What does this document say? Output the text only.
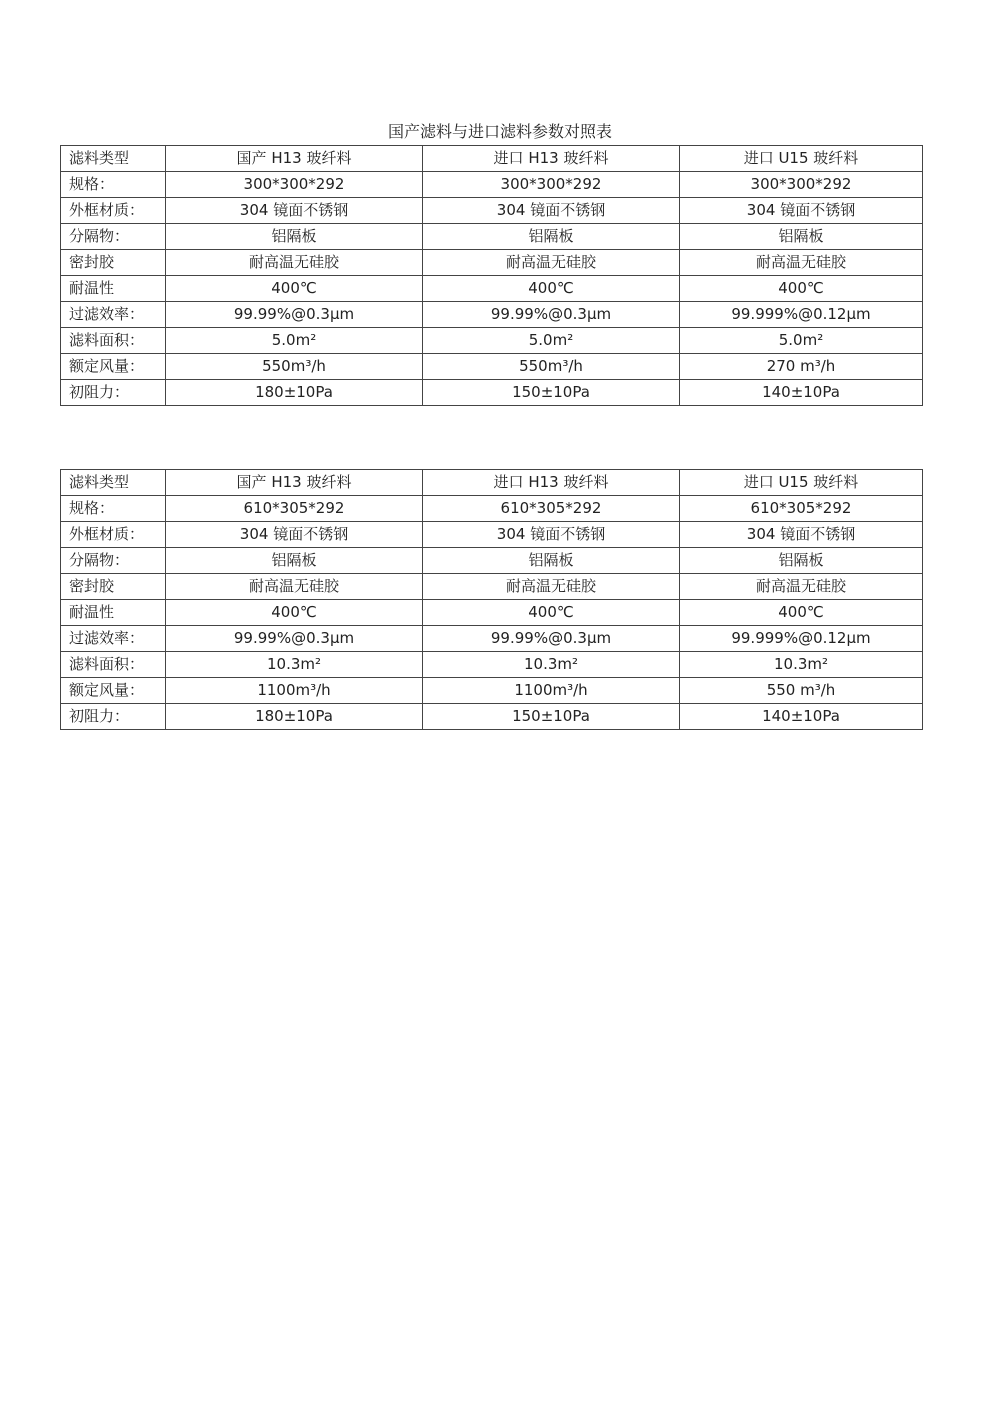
国产滤料与进口滤料参数对照表
滤料类型	国产 H13 玻纤料	进口 H13 玻纤料	进口 U15 玻纤料
规格：	300*300*292	300*300*292	300*300*292
外框材质：	304 镜面不锈钢	304 镜面不锈钢	304 镜面不锈钢
分隔物：	铝隔板	铝隔板	铝隔板
密封胶	耐高温无硅胶	耐高温无硅胶	耐高温无硅胶
耐温性	400℃	400℃	400℃
过滤效率：	99.99%@0.3μm	99.99%@0.3μm	99.999%@0.12μm
滤料面积：	5.0m²	5.0m²	5.0m²
额定风量：	550m³/h	550m³/h	270 m³/h
初阻力：	180±10Pa	150±10Pa	140±10Pa
滤料类型	国产 H13 玻纤料	进口 H13 玻纤料	进口 U15 玻纤料
规格：	610*305*292	610*305*292	610*305*292
外框材质：	304 镜面不锈钢	304 镜面不锈钢	304 镜面不锈钢
分隔物：	铝隔板	铝隔板	铝隔板
密封胶	耐高温无硅胶	耐高温无硅胶	耐高温无硅胶
耐温性	400℃	400℃	400℃
过滤效率：	99.99%@0.3μm	99.99%@0.3μm	99.999%@0.12μm
滤料面积：	10.3m²	10.3m²	10.3m²
额定风量：	1100m³/h	1100m³/h	550 m³/h
初阻力：	180±10Pa	150±10Pa	140±10Pa
